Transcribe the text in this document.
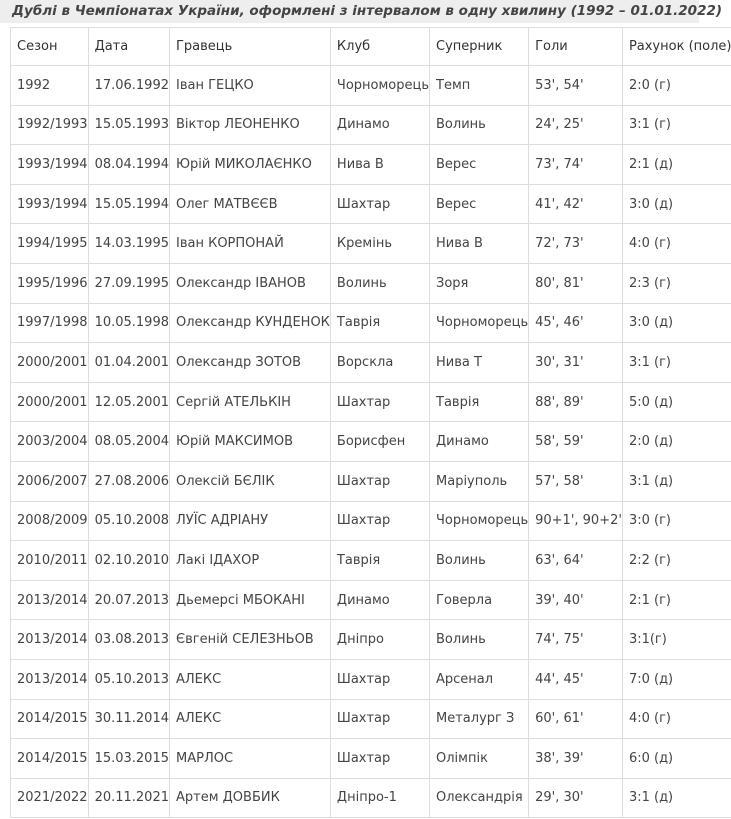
Дублі в Чемпіонатах України, оформлені з інтервалом в одну хвилину (1992 – 01.01.2022)
Сезон	Дата	Гравець	Клуб	Суперник	Голи	Рахунок (поле)
1992	17.06.1992	Іван ГЕЦКО	Чорноморець	Темп	53', 54'	2:0 (г)
1992/1993	15.05.1993	Віктор ЛЕОНЕНКО	Динамо	Волинь	24', 25'	3:1 (г)
1993/1994	08.04.1994	Юрій МИКОЛАЄНКО	Нива В	Верес	73', 74'	2:1 (д)
1993/1994	15.05.1994	Олег МАТВЄЄВ	Шахтар	Верес	41', 42'	3:0 (д)
1994/1995	14.03.1995	Іван КОРПОНАЙ	Кремінь	Нива В	72', 73'	4:0 (г)
1995/1996	27.09.1995	Олександр ІВАНОВ	Волинь	Зоря	80', 81'	2:3 (г)
1997/1998	10.05.1998	Олександр КУНДЕНОК	Таврія	Чорноморець	45', 46'	3:0 (д)
2000/2001	01.04.2001	Олександр ЗОТОВ	Ворскла	Нива Т	30', 31'	3:1 (г)
2000/2001	12.05.2001	Сергій АТЕЛЬКІН	Шахтар	Таврія	88', 89'	5:0 (д)
2003/2004	08.05.2004	Юрій МАКСИМОВ	Борисфен	Динамо	58', 59'	2:0 (д)
2006/2007	27.08.2006	Олексій БЄЛІК	Шахтар	Маріуполь	57', 58'	3:1 (д)
2008/2009	05.10.2008	ЛУЇС АДРІАНУ	Шахтар	Чорноморець	90+1', 90+2'	3:0 (г)
2010/2011	02.10.2010	Лакі ІДАХОР	Таврія	Волинь	63', 64'	2:2 (г)
2013/2014	20.07.2013	Дьемерсі МБОКАНІ	Динамо	Говерла	39', 40'	2:1 (г)
2013/2014	03.08.2013	Євгеній СЕЛЕЗНЬОВ	Дніпро	Волинь	74', 75'	3:1(г)
2013/2014	05.10.2013	АЛЕКС	Шахтар	Арсенал	44', 45'	7:0 (д)
2014/2015	30.11.2014	АЛЕКС	Шахтар	Металург З	60', 61'	4:0 (г)
2014/2015	15.03.2015	МАРЛОС	Шахтар	Олімпік	38', 39'	6:0 (д)
2021/2022	20.11.2021	Артем ДОВБИК	Дніпро-1	Олександрія	29', 30'	3:1 (д)
